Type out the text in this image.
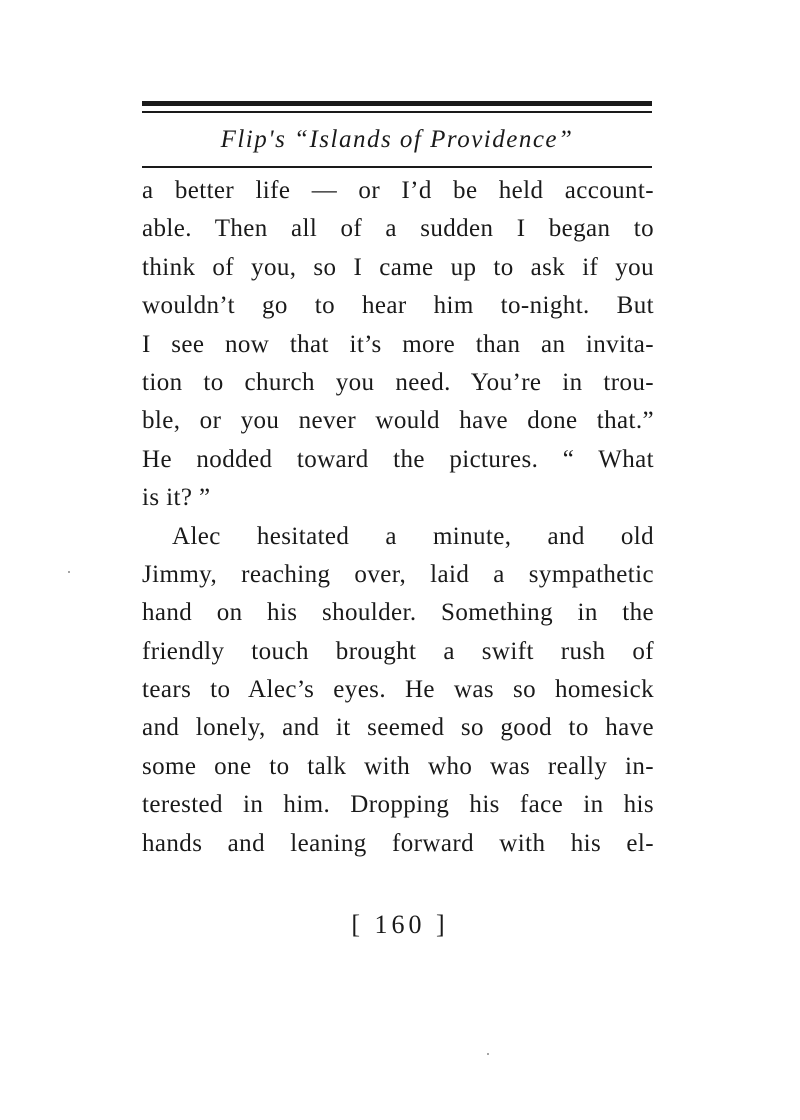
Flip's “Islands of Providence”
a better life — or I’d be held account-
able. Then all of a sudden I began to
think of you, so I came up to ask if you
wouldn’t go to hear him to-night. But
I see now that it’s more than an invita-
tion to church you need. You’re in trou-
ble, or you never would have done that.”
He nodded toward the pictures. “ What
is it? ”
Alec hesitated a minute, and old
Jimmy, reaching over, laid a sympathetic
hand on his shoulder. Something in the
friendly touch brought a swift rush of
tears to Alec’s eyes. He was so homesick
and lonely, and it seemed so good to have
some one to talk with who was really in-
terested in him. Dropping his face in his
hands and leaning forward with his el-
[ 160 ]
